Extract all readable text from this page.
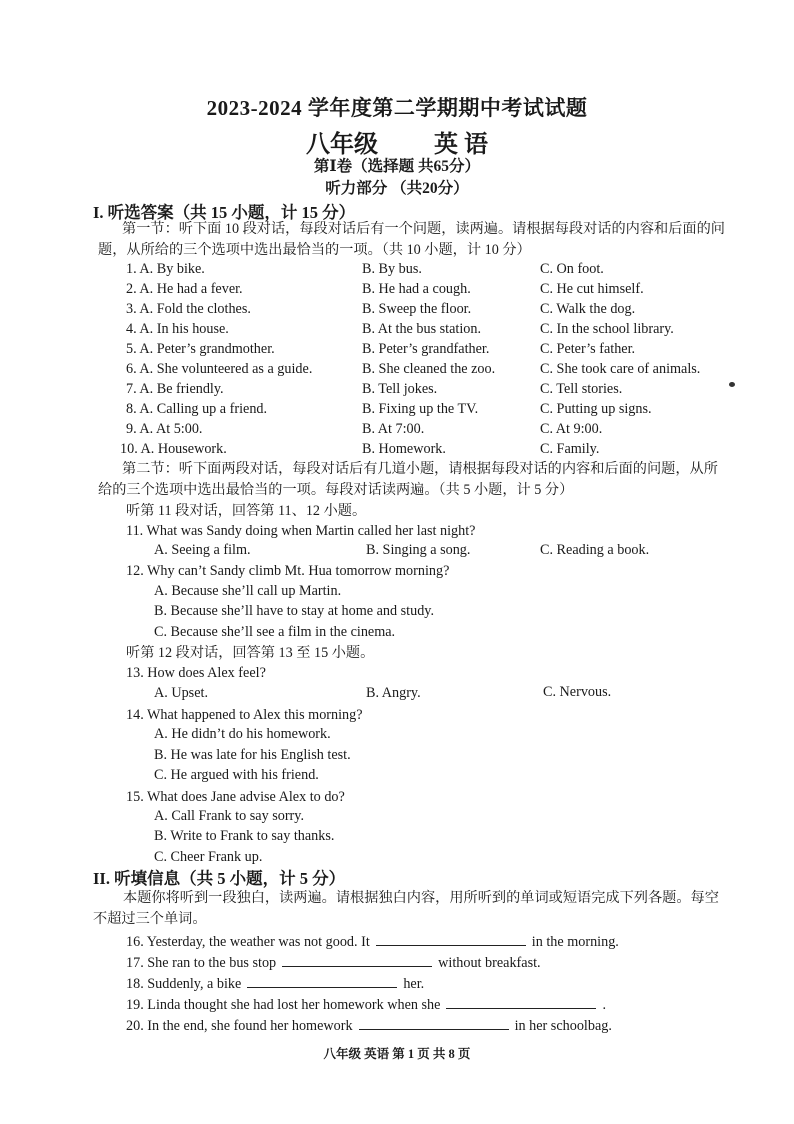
2023-2024 学年度第二学期期中考试试题
八年级 英 语
第Ⅰ卷（选择题 共65分）
听力部分 （共20分）
I. 听选答案（共 15 小题，计 15 分）
第一节：听下面 10 段对话，每段对话后有一个问题，读两遍。请根据每段对话的内容和后面的问题，从所给的三个选项中选出最恰当的一项。（共 10 小题，计 10 分）
1. A. By bike.	B. By bus.	C. On foot.
2. A. He had a fever.	B. He had a cough.	C. He cut himself.
3. A. Fold the clothes.	B. Sweep the floor.	C. Walk the dog.
4. A. In his house.	B. At the bus station.	C. In the school library.
5. A. Peter’s grandmother.	B. Peter’s grandfather.	C. Peter’s father.
6. A. She volunteered as a guide.	B. She cleaned the zoo.	C. She took care of animals.
7. A. Be friendly.	B. Tell jokes.	C. Tell stories.
8. A. Calling up a friend.	B. Fixing up the TV.	C. Putting up signs.
9. A. At 5:00.	B. At 7:00.	C. At 9:00.
10. A. Housework.	B. Homework.	C. Family.
第二节：听下面两段对话，每段对话后有几道小题，请根据每段对话的内容和后面的问题，从所给的三个选项中选出最恰当的一项。每段对话读两遍。（共 5 小题，计 5 分）
听第 11 段对话，回答第 11、12 小题。
11. What was Sandy doing when Martin called her last night?
A. Seeing a film.	B. Singing a song.	C. Reading a book.
12. Why can’t Sandy climb Mt. Hua tomorrow morning?
A. Because she’ll call up Martin.
B. Because she’ll have to stay at home and study.
C. Because she’ll see a film in the cinema.
听第 12 段对话，回答第 13 至 15 小题。
13. How does Alex feel?
A. Upset.	B. Angry.	C. Nervous.
14. What happened to Alex this morning?
A. He didn’t do his homework.
B. He was late for his English test.
C. He argued with his friend.
15. What does Jane advise Alex to do?
A. Call Frank to say sorry.
B. Write to Frank to say thanks.
C. Cheer Frank up.
II. 听填信息（共 5 小题，计 5 分）
本题你将听到一段独白，读两遍。请根据独白内容，用所听到的单词或短语完成下列各题。每空不超过三个单词。
16. Yesterday, the weather was not good. It	in the morning.
17. She ran to the bus stop	without breakfast.
18. Suddenly, a bike	her.
19. Linda thought she had lost her homework when she	.
20. In the end, she found her homework	in her schoolbag.
八年级 英语 第 1 页 共 8 页
